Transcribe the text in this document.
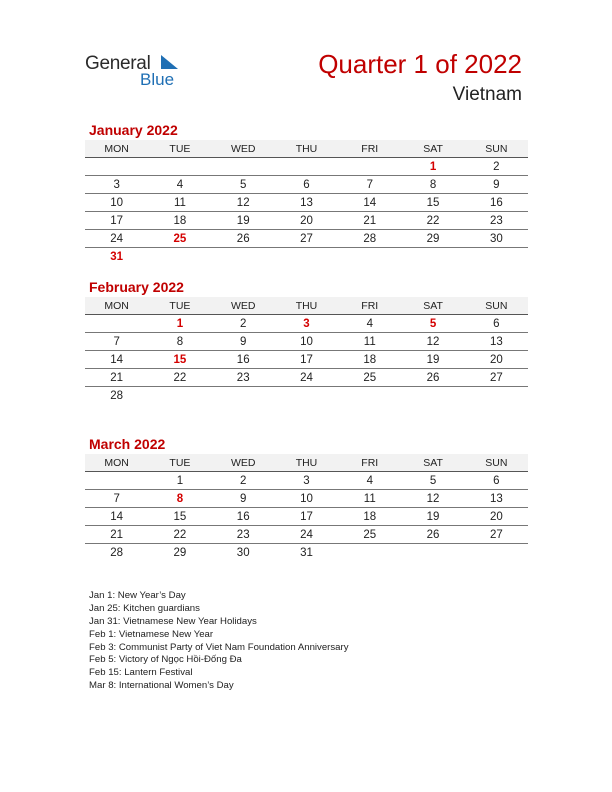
General
Blue
Quarter 1 of 2022
Vietnam
January 2022
MON	TUE	WED	THU	FRI	SAT	SUN
					1	2
3	4	5	6	7	8	9
10	11	12	13	14	15	16
17	18	19	20	21	22	23
24	25	26	27	28	29	30
31						
February 2022
MON	TUE	WED	THU	FRI	SAT	SUN
	1	2	3	4	5	6
7	8	9	10	11	12	13
14	15	16	17	18	19	20
21	22	23	24	25	26	27
28						
March 2022
MON	TUE	WED	THU	FRI	SAT	SUN
	1	2	3	4	5	6
7	8	9	10	11	12	13
14	15	16	17	18	19	20
21	22	23	24	25	26	27
28	29	30	31			
Jan 1: New Year’s Day
Jan 25: Kitchen guardians
Jan 31: Vietnamese New Year Holidays
Feb 1: Vietnamese New Year
Feb 3: Communist Party of Viet Nam Foundation Anniversary
Feb 5: Victory of Ngọc Hồi-Đống Đa
Feb 15: Lantern Festival
Mar 8: International Women’s Day
